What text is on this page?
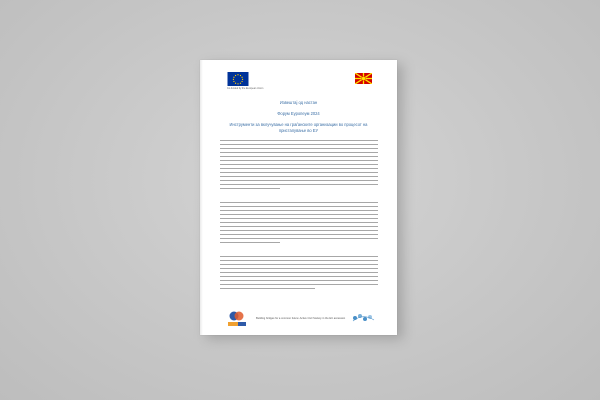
Co-funded by the European Union
Извештај од настан
Форум Еуропеум 2024
Инструменти за вклучување на граѓанските организации во процесот на пристапување во ЕУ
Building bridges for a common future: Active Civil Society in the EU accession
